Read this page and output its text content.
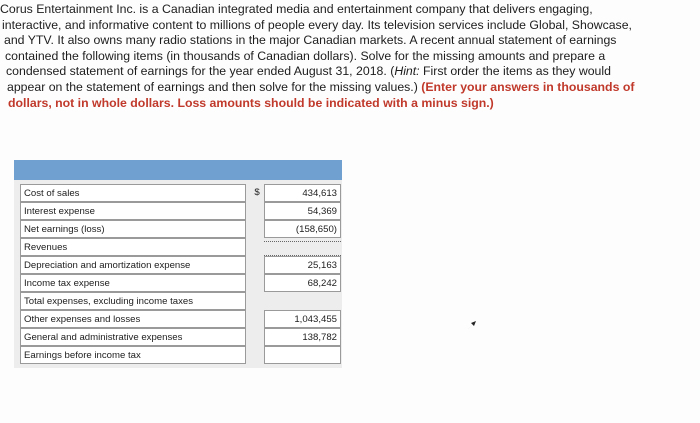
Corus Entertainment Inc. is a Canadian integrated media and entertainment company that delivers engaging,
interactive, and informative content to millions of people every day. Its television services include Global, Showcase,
and YTV. It also owns many radio stations in the major Canadian markets. A recent annual statement of earnings
contained the following items (in thousands of Canadian dollars). Solve for the missing amounts and prepare a
condensed statement of earnings for the year ended August 31, 2018. (Hint: First order the items as they would
appear on the statement of earnings and then solve for the missing values.) (Enter your answers in thousands of
dollars, not in whole dollars. Loss amounts should be indicated with a minus sign.)
Cost of sales	$	434,613
Interest expense	54,369
Net earnings (loss)	(158,650)
Revenues
Depreciation and amortization expense	25,163
Income tax expense	68,242
Total expenses, excluding income taxes
Other expenses and losses	1,043,455
General and administrative expenses	138,782
Earnings before income tax
